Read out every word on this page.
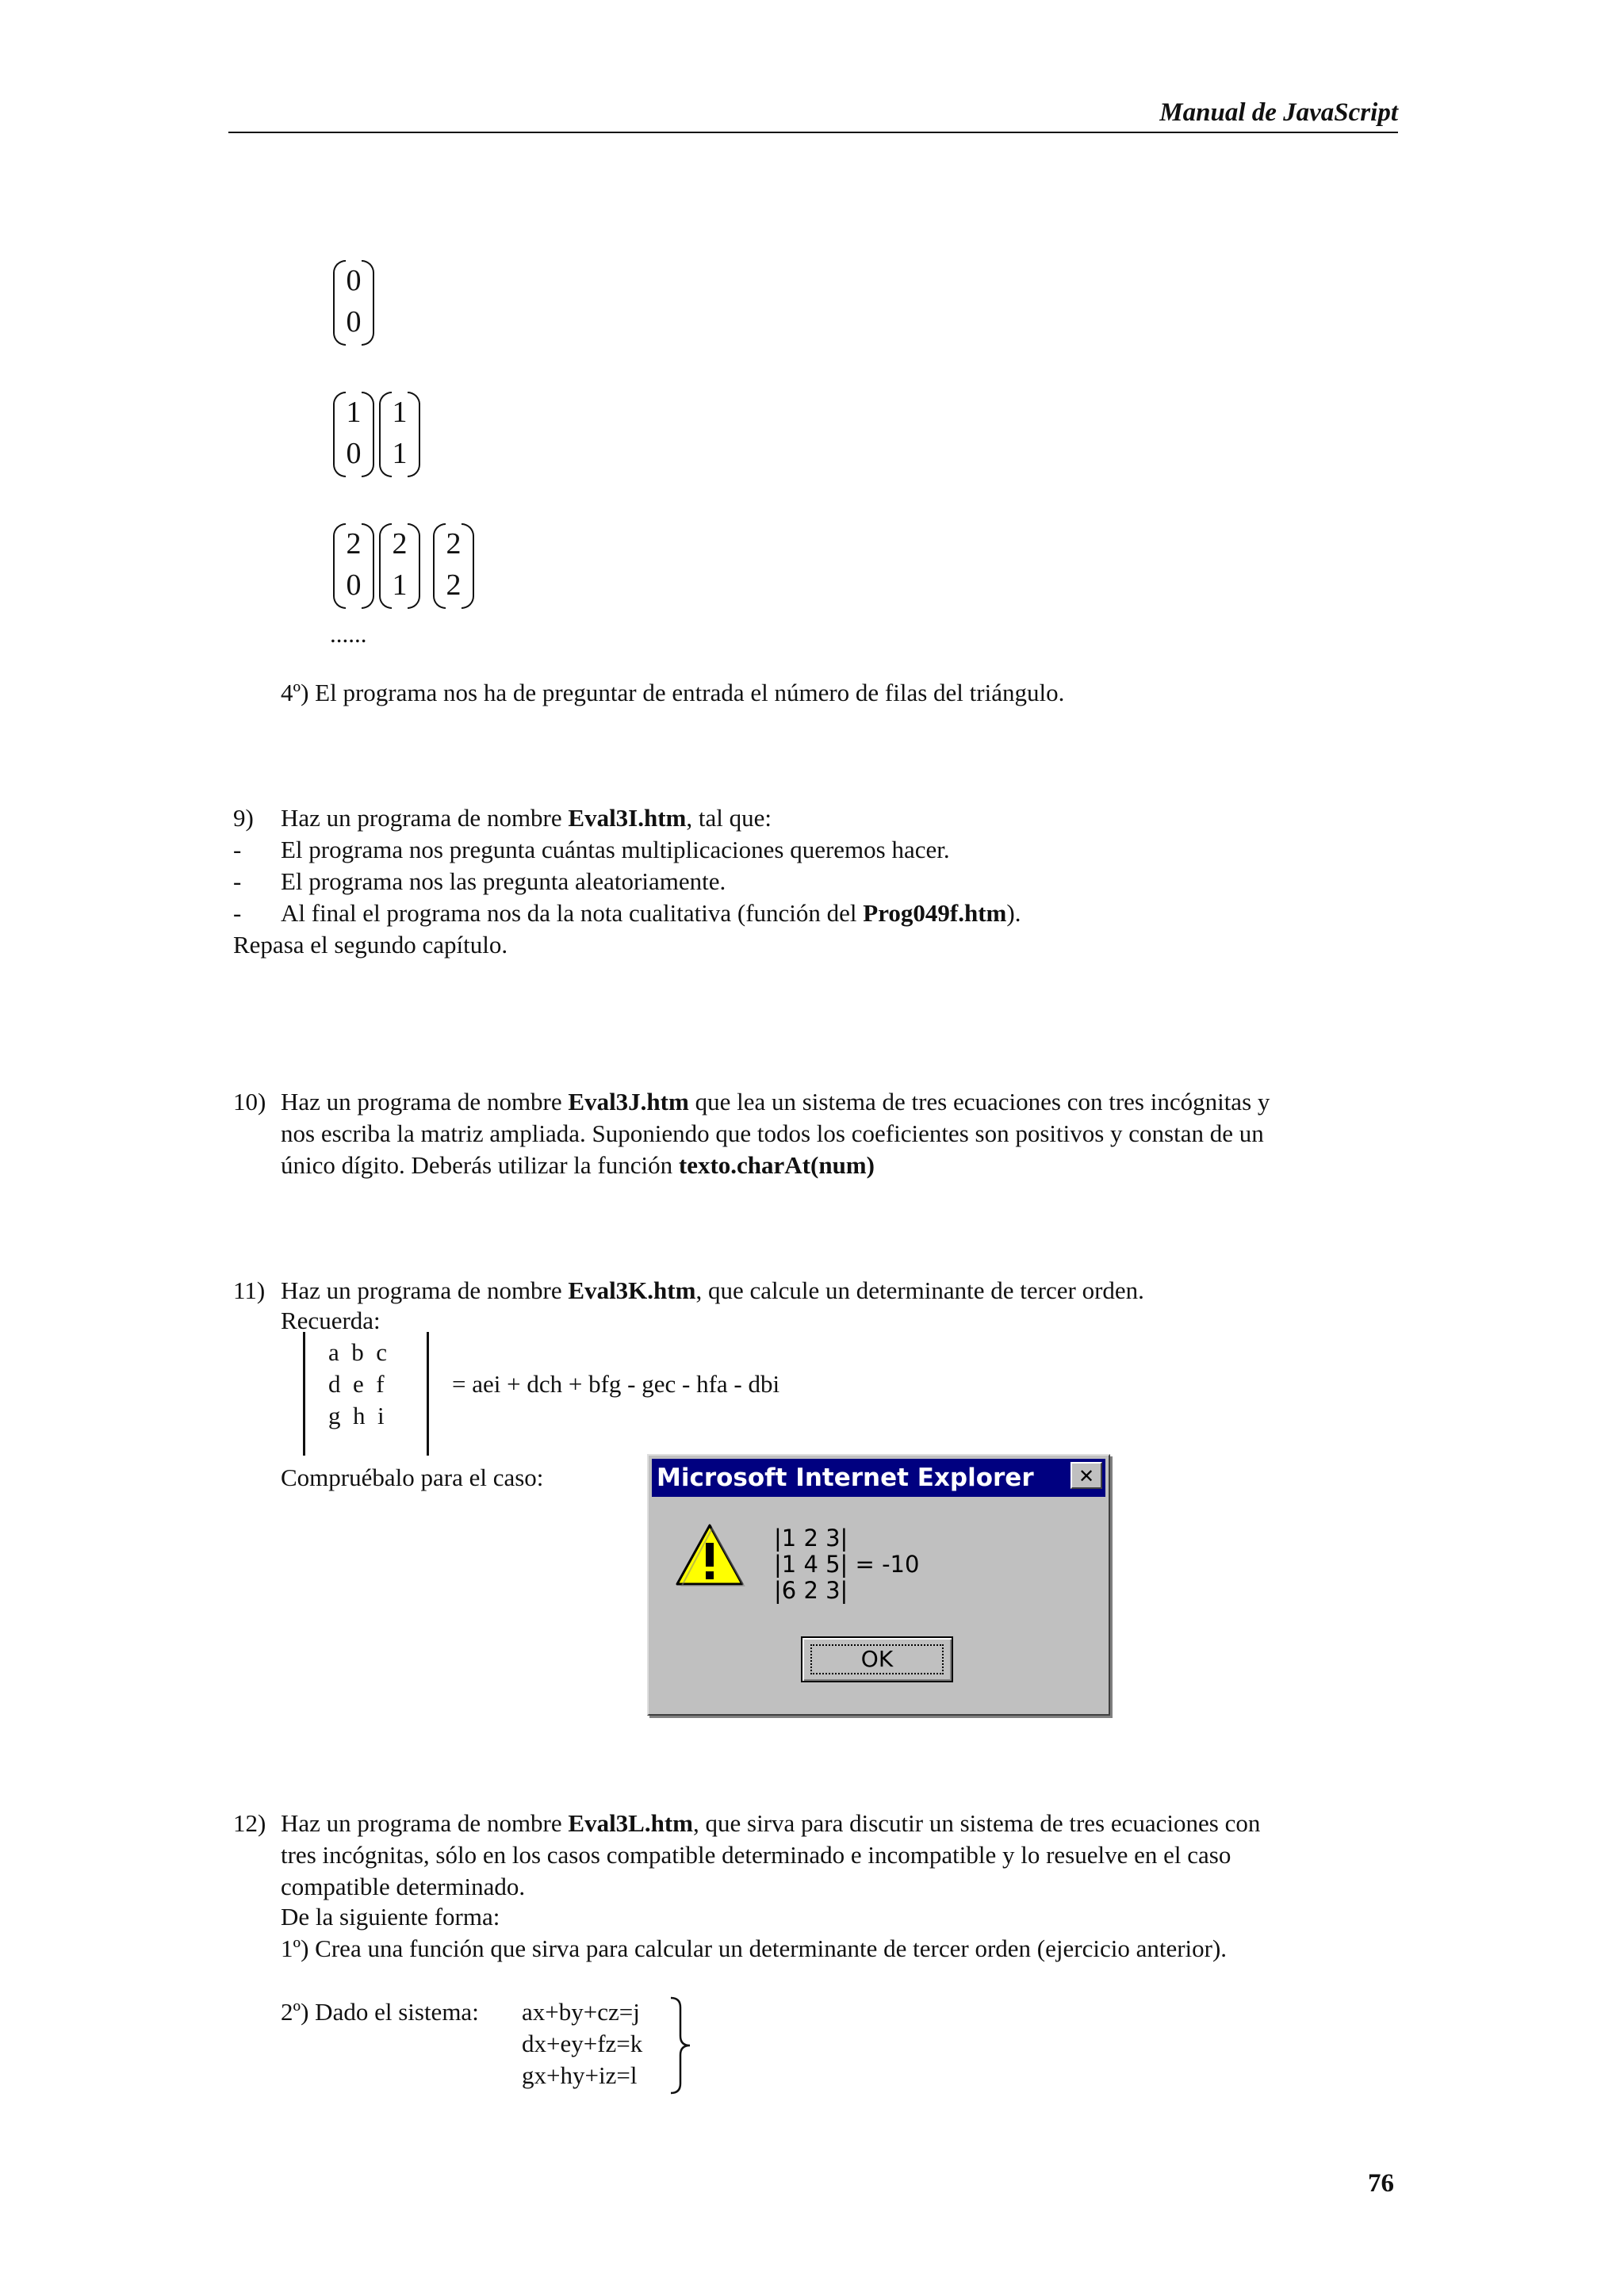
Manual de JavaScript
0
0
1
0
1
1
2
0
2
1
2
2
......
4º) El programa nos ha de preguntar de entrada el número de filas del triángulo.
9) Haz un programa de nombre Eval3I.htm, tal que:
- El programa nos pregunta cuántas multiplicaciones queremos hacer.
- El programa nos las pregunta aleatoriamente.
- Al final el programa nos da la nota cualitativa (función del Prog049f.htm).
Repasa el segundo capítulo.
10) Haz un programa de nombre Eval3J.htm que lea un sistema de tres ecuaciones con tres incógnitas y
nos escriba la matriz ampliada. Suponiendo que todos los coeficientes son positivos y constan de un
único dígito. Deberás utilizar la función texto.charAt(num)
11) Haz un programa de nombre Eval3K.htm, que calcule un determinante de tercer orden.
Recuerda:
a  b  c
d  e  f
g  h  i
= aei + dch + bfg - gec - hfa - dbi
Compruébalo para el caso:	Microsoft Internet Explorer	✕
|1 2 3|
|1 4 5| = -10
|6 2 3|
OK
12) Haz un programa de nombre Eval3L.htm, que sirva para discutir un sistema de tres ecuaciones con
tres incógnitas, sólo en los casos compatible determinado e incompatible y lo resuelve en el caso
compatible determinado.
De la siguiente forma:
1º) Crea una función que sirva para calcular un determinante de tercer orden (ejercicio anterior).
2º) Dado el sistema: ax+by+cz=j
dx+ey+fz=k
gx+hy+iz=l
76
